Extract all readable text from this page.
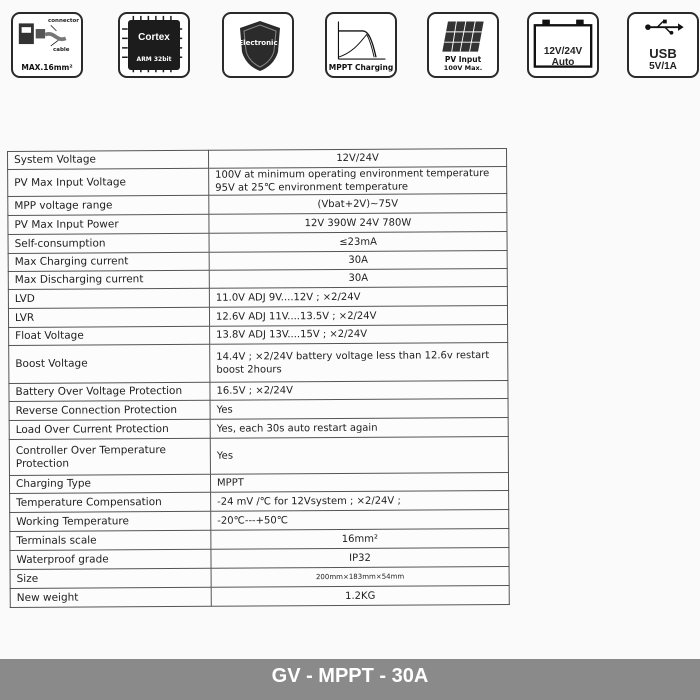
connector
cable
MAX.16mm²
Cortex
ARM 32bit
Electronic
MPPT Charging
PV Input
100V Max.
12V/24V
Auto
USB
5V/1A
System Voltage	12V/24V
PV Max Input Voltage	100V at minimum operating environment temperature
95V at 25℃ environment temperature
MPP voltage range	(Vbat+2V)~75V
PV Max Input Power	12V 390W 24V 780W
Self-consumption	≤23mA
Max Charging current	30A
Max Discharging current	30A
LVD	11.0V ADJ 9V....12V ; ×2/24V
LVR	12.6V ADJ 11V....13.5V ; ×2/24V
Float Voltage	13.8V ADJ 13V....15V ; ×2/24V
Boost Voltage	14.4V ; ×2/24V battery voltage less than 12.6v restart
boost 2hours
Battery Over Voltage Protection	16.5V ; ×2/24V
Reverse Connection Protection	Yes
Load Over Current Protection	Yes, each 30s auto restart again
Controller Over Temperature
Protection	Yes
Charging Type	MPPT
Temperature Compensation	-24 mV /℃ for 12Vsystem ; ×2/24V ;
Working Temperature	-20℃---+50℃
Terminals scale	16mm²
Waterproof grade	IP32
Size	200mm×183mm×54mm
New weight	1.2KG
GV - MPPT - 30A
